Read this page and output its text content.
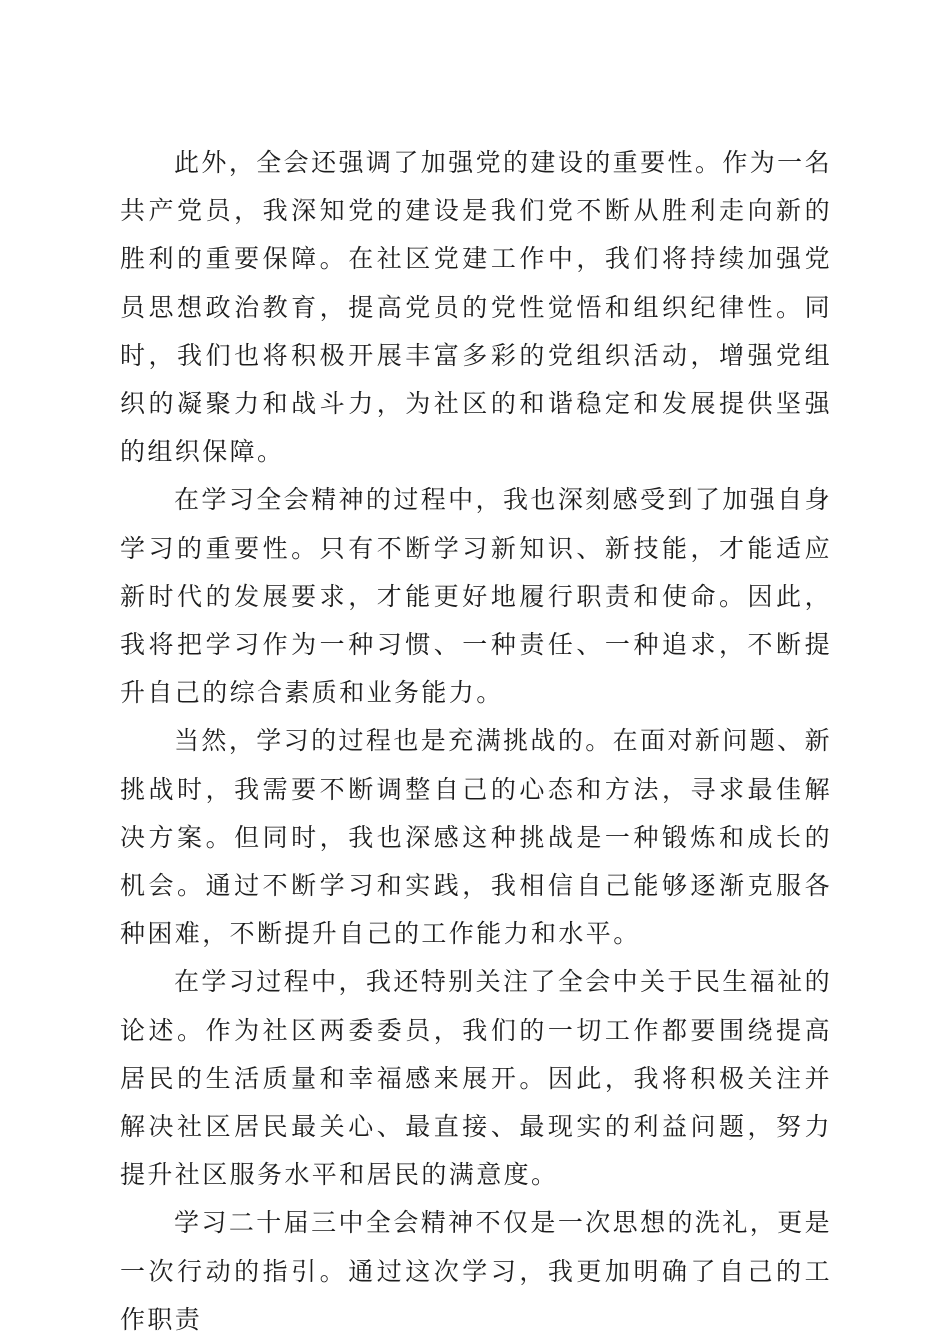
此外，全会还强调了加强党的建设的重要性。作为一名共产党员，我深知党的建设是我们党不断从胜利走向新的胜利的重要保障。在社区党建工作中，我们将持续加强党员思想政治教育，提高党员的党性觉悟和组织纪律性。同时，我们也将积极开展丰富多彩的党组织活动，增强党组织的凝聚力和战斗力，为社区的和谐稳定和发展提供坚强的组织保障。

在学习全会精神的过程中，我也深刻感受到了加强自身学习的重要性。只有不断学习新知识、新技能，才能适应新时代的发展要求，才能更好地履行职责和使命。因此，我将把学习作为一种习惯、一种责任、一种追求，不断提升自己的综合素质和业务能力。

当然，学习的过程也是充满挑战的。在面对新问题、新挑战时，我需要不断调整自己的心态和方法，寻求最佳解决方案。但同时，我也深感这种挑战是一种锻炼和成长的机会。通过不断学习和实践，我相信自己能够逐渐克服各种困难，不断提升自己的工作能力和水平。

在学习过程中，我还特别关注了全会中关于民生福祉的论述。作为社区两委委员，我们的一切工作都要围绕提高居民的生活质量和幸福感来展开。因此，我将积极关注并解决社区居民最关心、最直接、最现实的利益问题，努力提升社区服务水平和居民的满意度。

学习二十届三中全会精神不仅是一次思想的洗礼，更是一次行动的指引。通过这次学习，我更加明确了自己的工作职责
